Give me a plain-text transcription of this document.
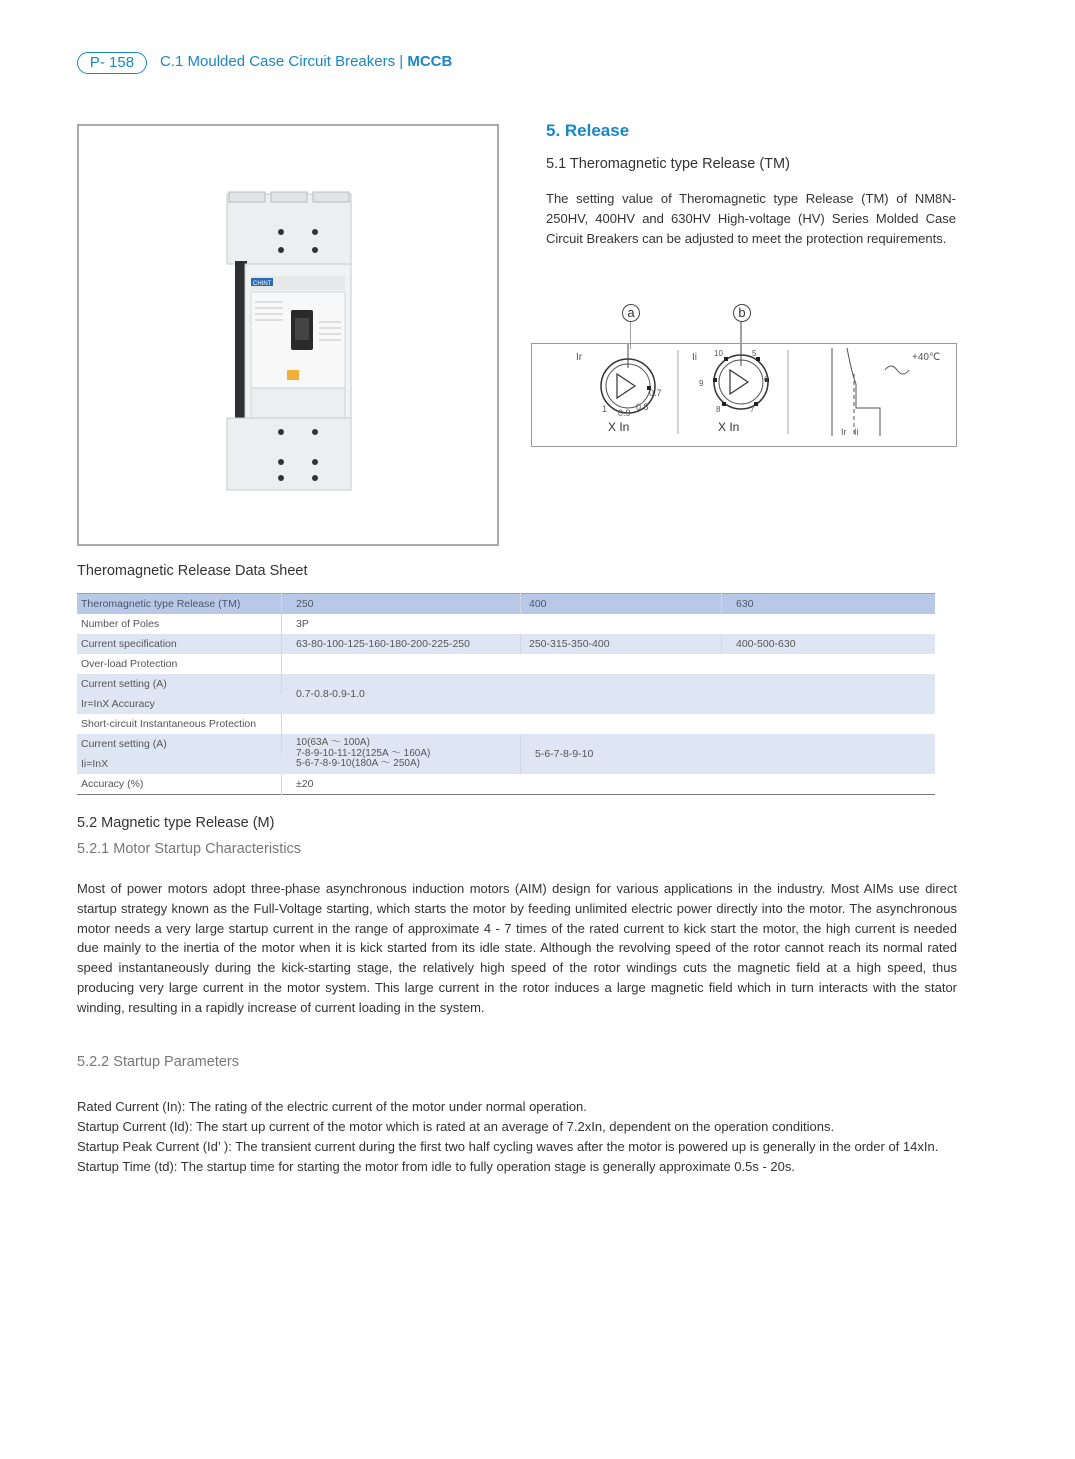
P- 158	C.1 Moulded Case Circuit Breakers | MCCB
CHINT
5. Release
5.1 Theromagnetic type Release (TM)
The setting value of Theromagnetic type Release (TM) of NM8N-250HV, 400HV and 630HV High-voltage (HV) Series Molded Case Circuit Breakers can be adjusted to meet the protection requirements.
a	b
Ir
1 0.9
0.8
0.7
X In
Ii 10	5
6
7
8
9
X In
+40℃
Ir Ii
Theromagnetic Release Data Sheet
Theromagnetic type Release (TM)	250	400	630
Number of Poles	3P		
Current specification	63-80-100-125-160-180-200-225-250	250-315-350-400	400-500-630
Over-load Protection			
Current setting (A)	0.7-0.8-0.9-1.0		
Ir=InX Accuracy			
Short-circuit Instantaneous Protection			
Current setting (A)	10(63A ～ 100A)
7-8-9-10-11-12(125A ～ 160A)
5-6-7-8-9-10(180A ～ 250A)	5-6-7-8-9-10	
Ii=InX			
Accuracy (%)	±20		
5.2 Magnetic type Release (M)
5.2.1 Motor Startup Characteristics
Most of power motors adopt three-phase asynchronous induction motors (AIM) design for various applications in the industry. Most AIMs use direct startup strategy known as the Full-Voltage starting, which starts the motor by feeding unlimited electric power directly into the motor. The asynchronous motor needs a very large startup current in the range of approximate 4 - 7 times of the rated current to kick start the motor, the high current is needed due mainly to the inertia of the motor when it is kick started from its idle state. Although the revolving speed of the rotor cannot reach its normal rated speed instantaneously during the kick-starting stage, the relatively high speed of the rotor windings cuts the magnetic field at a high speed, thus producing very large current in the motor system. This large current in the rotor induces a large magnetic field which in turn interacts with the stator winding, resulting in a rapidly increase of current loading in the system.
5.2.2 Startup Parameters
Rated Current (In): The rating of the electric current of the motor under normal operation.
Startup Current (Id): The start up current of the motor which is rated at an average of 7.2xIn, dependent on the operation conditions.
Startup Peak Current (Id’ ): The transient current during the first two half cycling waves after the motor is powered up is generally in the order of 14xIn.
Startup Time (td): The startup time for starting the motor from idle to fully operation stage is generally approximate 0.5s - 20s.
